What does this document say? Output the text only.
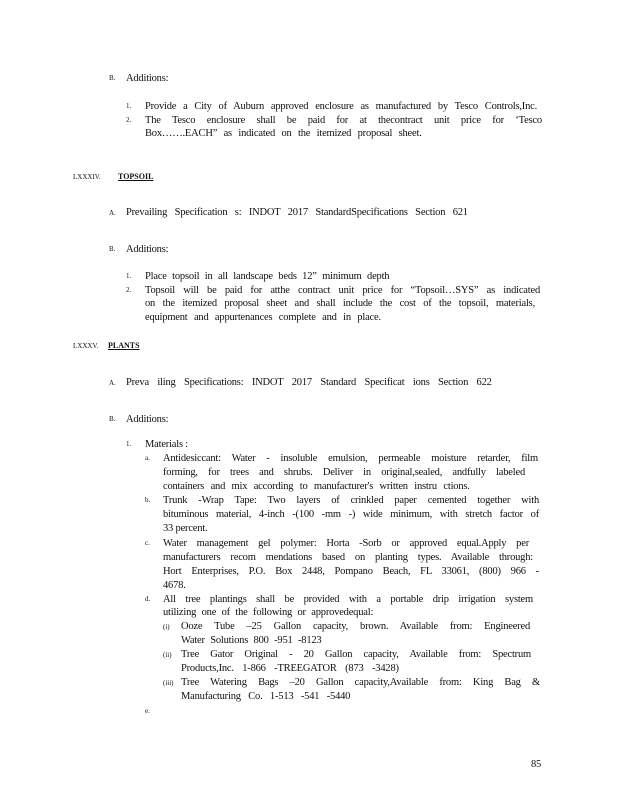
B. Additions:
1. Provide a City of Auburn approved enclosure as manufactured by Tesco Controls,Inc.
2. The Tesco enclosure shall be paid for at thecontract unit price for ‘Tesco
Box…….EACH” as indicated on the itemized proposal sheet.
LXXXIV. TOPSOIL
A. Prevailing Specification s: INDOT 2017 StandardSpecifications Section 621
B. Additions:
1. Place topsoil in all landscape beds 12” minimum depth
2. Topsoil will be paid for atthe contract unit price for “Topsoil…SYS” as indicated
on the itemized proposal sheet and shall include the cost of the topsoil, materials,
equipment and appurtenances complete and in place.
LXXXV. PLANTS
A. Preva iling Specifications: INDOT 2017 Standard Specificat ions Section 622
B. Additions:
1. Materials :
a. Antidesiccant: Water - insoluble emulsion, permeable moisture retarder, film
forming, for trees and shrubs. Deliver in original,sealed, andfully labeled
containers and mix according to manufacturer's written instru ctions.
b. Trunk -Wrap Tape: Two layers of crinkled paper cemented together with
bituminous material, 4-inch -(100 -mm -) wide minimum, with stretch factor of
33 percent.
c. Water management gel polymer: Horta -Sorb or approved equal.Apply per
manufacturers recom mendations based on planting types. Available through:
Hort Enterprises, P.O. Box 2448, Pompano Beach, FL 33061, (800) 966 -
4678.
d. All tree plantings shall be provided with a portable drip irrigation system
utilizing one of the following or approvedequal:
(i) Ooze Tube –25 Gallon capacity, brown. Available from: Engineered
Water Solutions 800 -951 -8123
(ii) Tree Gator Original - 20 Gallon capacity, Available from: Spectrum
Products,Inc. 1-866 -TREEGATOR (873 -3428)
(iii) Tree Watering Bags –20 Gallon capacity,Available from: King Bag &
Manufacturing Co. 1-513 -541 -5440
e.
85
